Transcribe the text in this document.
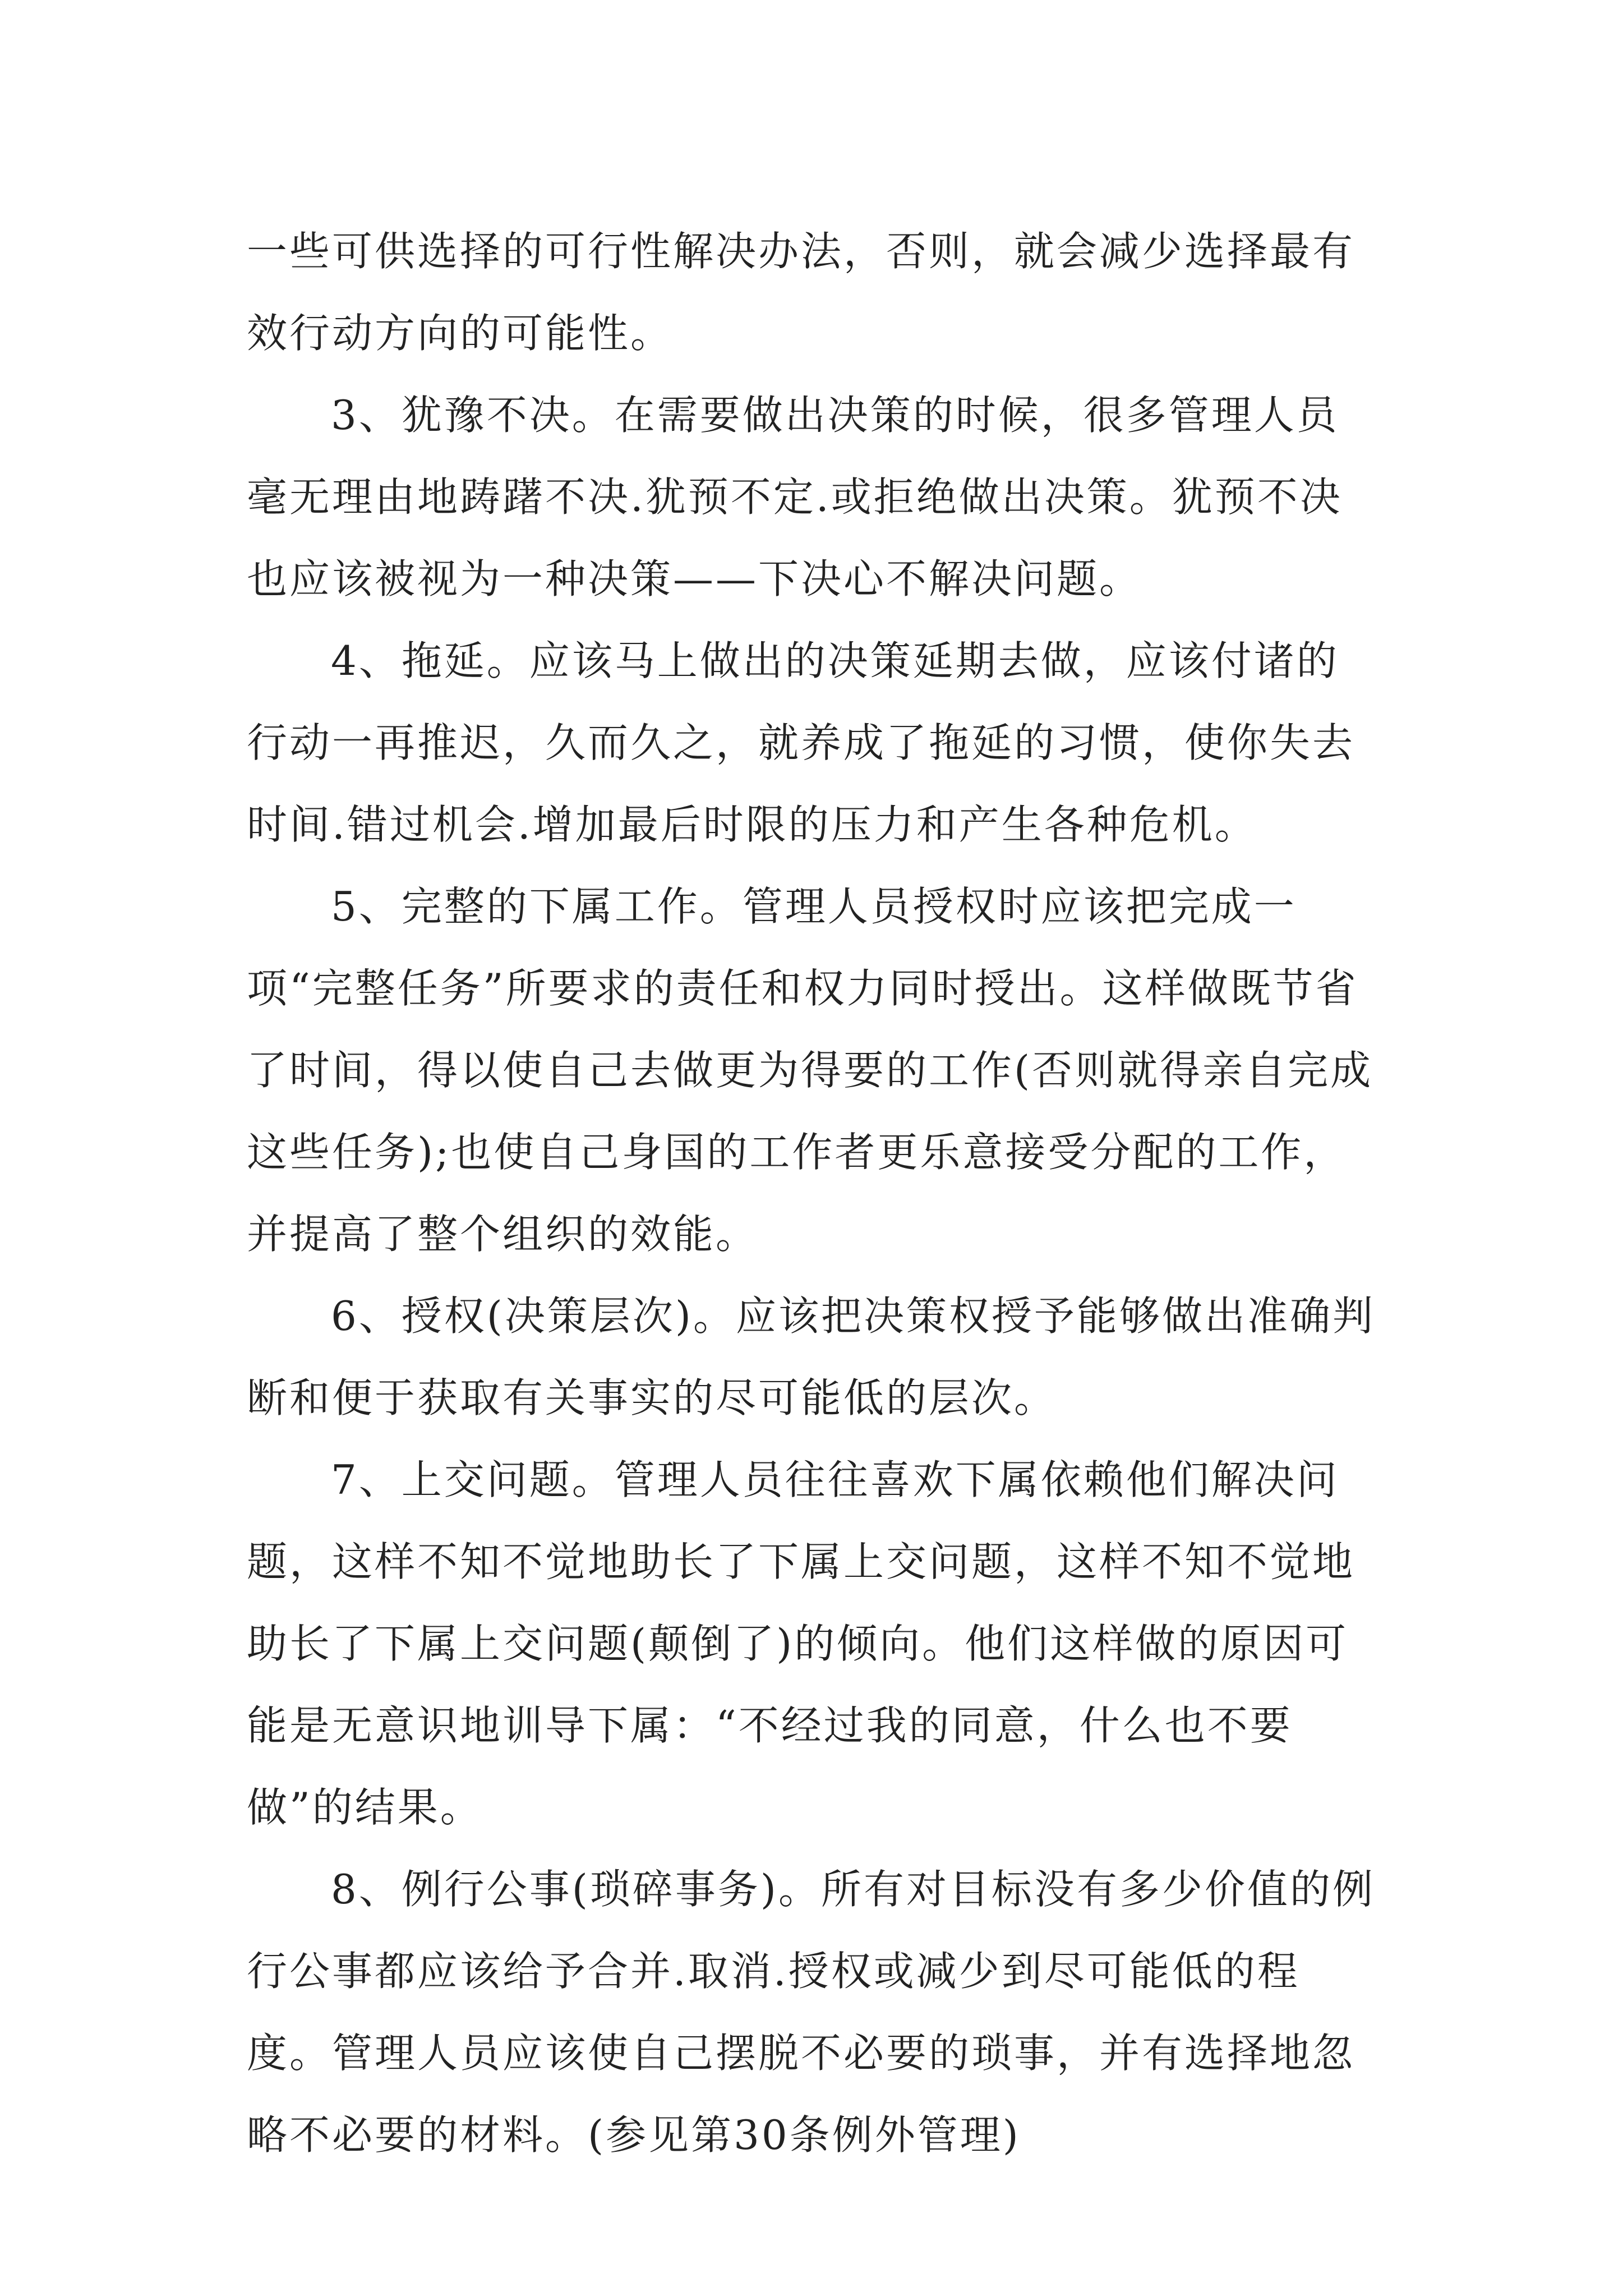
一些可供选择的可行性解决办法，否则，就会减少选择最有效行动方向的可能性。

3、犹豫不决。在需要做出决策的时候，很多管理人员毫无理由地踌躇不决.犹预不定.或拒绝做出决策。犹预不决也应该被视为一种决策——下决心不解决问题。

4、拖延。应该马上做出的决策延期去做，应该付诸的行动一再推迟，久而久之，就养成了拖延的习惯，使你失去时间.错过机会.增加最后时限的压力和产生各种危机。

5、完整的下属工作。管理人员授权时应该把完成一项“完整任务”所要求的责任和权力同时授出。这样做既节省了时间，得以使自己去做更为得要的工作(否则就得亲自完成这些任务);也使自己身国的工作者更乐意接受分配的工作，并提高了整个组织的效能。

6、授权(决策层次)。应该把决策权授予能够做出准确判断和便于获取有关事实的尽可能低的层次。

7、上交问题。管理人员往往喜欢下属依赖他们解决问题，这样不知不觉地助长了下属上交问题，这样不知不觉地助长了下属上交问题(颠倒了)的倾向。他们这样做的原因可能是无意识地训导下属：“不经过我的同意，什么也不要做”的结果。

8、例行公事(琐碎事务)。所有对目标没有多少价值的例行公事都应该给予合并.取消.授权或减少到尽可能低的程度。管理人员应该使自己摆脱不必要的琐事，并有选择地忽略不必要的材料。(参见第30条例外管理)
